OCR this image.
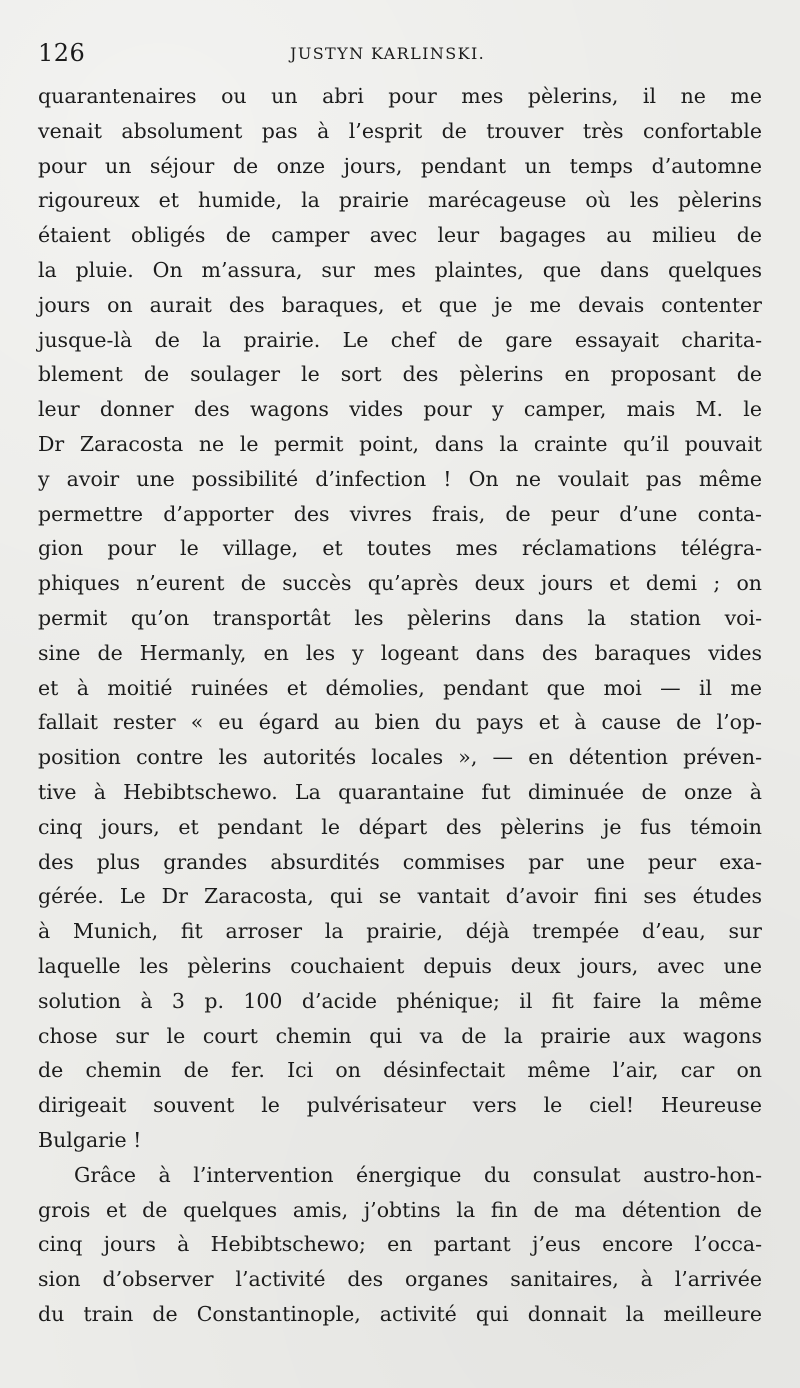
126	JUSTYN KARLINSKI.
quarantenaires ou un abri pour mes pèlerins, il ne me
venait absolument pas à l’esprit de trouver très confortable
pour un séjour de onze jours, pendant un temps d’automne
rigoureux et humide, la prairie marécageuse où les pèlerins
étaient obligés de camper avec leur bagages au milieu de
la pluie. On m’assura, sur mes plaintes, que dans quelques
jours on aurait des baraques, et que je me devais contenter
jusque-là de la prairie. Le chef de gare essayait charita-
blement de soulager le sort des pèlerins en proposant de
leur donner des wagons vides pour y camper, mais M. le
Dr Zaracosta ne le permit point, dans la crainte qu’il pouvait
y avoir une possibilité d’infection ! On ne voulait pas même
permettre d’apporter des vivres frais, de peur d’une conta-
gion pour le village, et toutes mes réclamations télégra-
phiques n’eurent de succès qu’après deux jours et demi ; on
permit qu’on transportât les pèlerins dans la station voi-
sine de Hermanly, en les y logeant dans des baraques vides
et à moitié ruinées et démolies, pendant que moi — il me
fallait rester « eu égard au bien du pays et à cause de l’op-
position contre les autorités locales », — en détention préven-
tive à Hebibtschewo. La quarantaine fut diminuée de onze à
cinq jours, et pendant le départ des pèlerins je fus témoin
des plus grandes absurdités commises par une peur exa-
gérée. Le Dr Zaracosta, qui se vantait d’avoir fini ses études
à Munich, fit arroser la prairie, déjà trempée d’eau, sur
laquelle les pèlerins couchaient depuis deux jours, avec une
solution à 3 p. 100 d’acide phénique; il fit faire la même
chose sur le court chemin qui va de la prairie aux wagons
de chemin de fer. Ici on désinfectait même l’air, car on
dirigeait souvent le pulvérisateur vers le ciel! Heureuse
Bulgarie !
Grâce à l’intervention énergique du consulat austro-hon-
grois et de quelques amis, j’obtins la fin de ma détention de
cinq jours à Hebibtschewo; en partant j’eus encore l’occa-
sion d’observer l’activité des organes sanitaires, à l’arrivée
du train de Constantinople, activité qui donnait la meilleure
